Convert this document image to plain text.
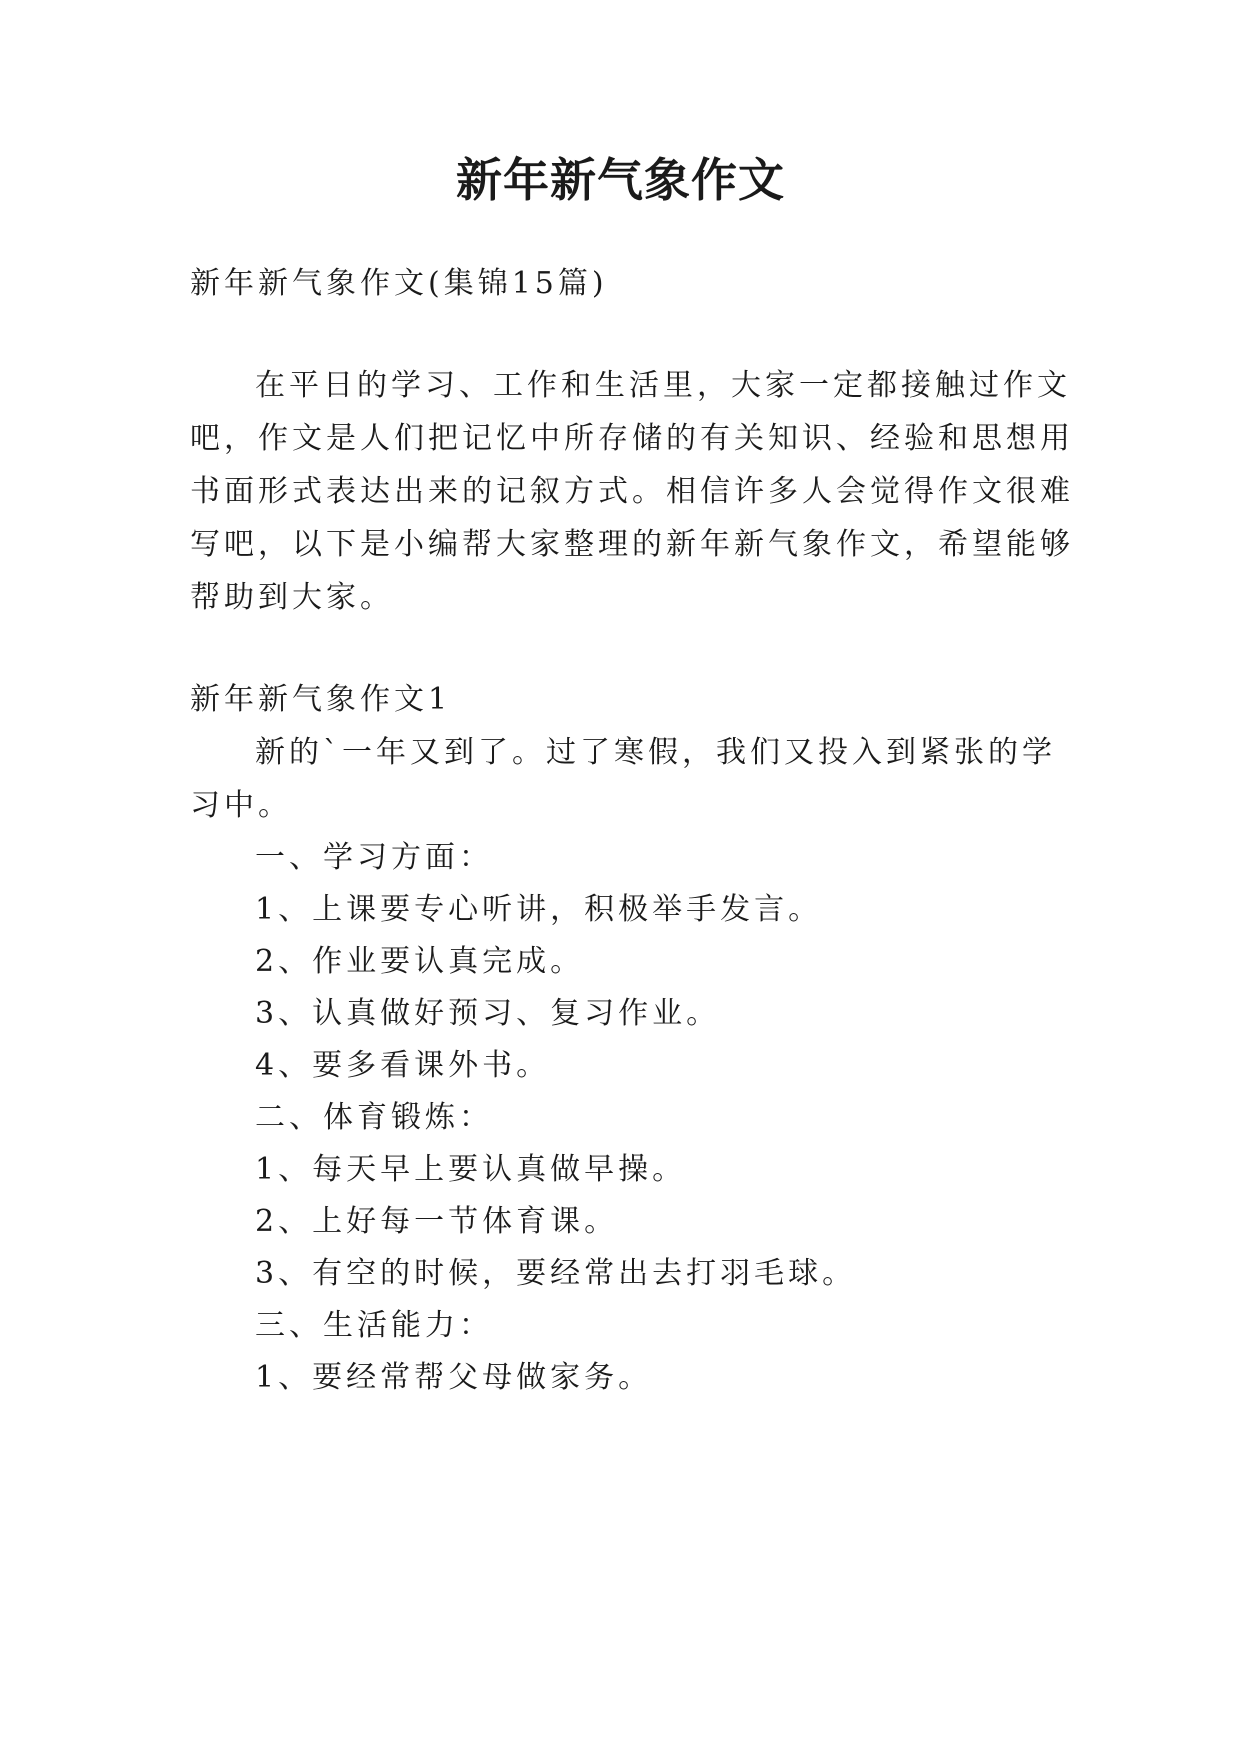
新年新气象作文
新年新气象作文(集锦15篇)
在平日的学习、工作和生活里，大家一定都接触过作文
吧，作文是人们把记忆中所存储的有关知识、经验和思想用
书面形式表达出来的记叙方式。相信许多人会觉得作文很难
写吧，以下是小编帮大家整理的新年新气象作文，希望能够
帮助到大家。
新年新气象作文1
新的`一年又到了。过了寒假，我们又投入到紧张的学
习中。
一、学习方面：
1、上课要专心听讲，积极举手发言。
2、作业要认真完成。
3、认真做好预习、复习作业。
4、要多看课外书。
二、体育锻炼：
1、每天早上要认真做早操。
2、上好每一节体育课。
3、有空的时候，要经常出去打羽毛球。
三、生活能力：
1、要经常帮父母做家务。
